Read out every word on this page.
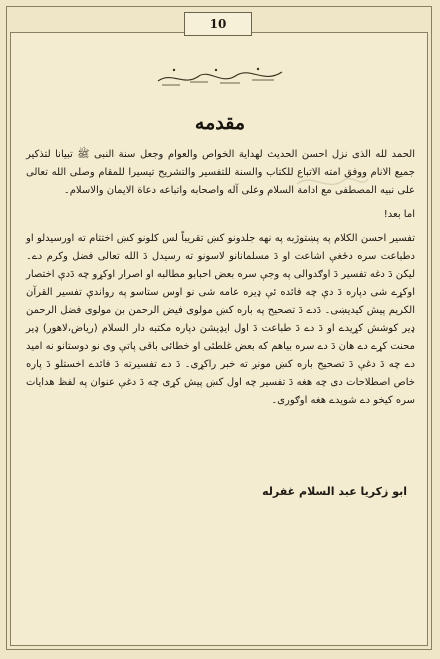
10
مقدمه

الحمد لله الذی نزل احسن الحدیث لھدایة الخواص والعوام وجعل سنة النبی ﷺ تبیانا لتذکیر جمیع الانام ووفق امته الاتباع للکتاب والسنة للتفسیر والتشریح تیسیرا للمقام وصلی الله تعالی علی نبیه المصطفی مع ادامة السلام وعلی آله واصحابه واتباعه دعاة الایمان والاسلام۔

اما بعد!

تفسیر احسن الکلام په پښتوژبه په نهه جلدونو کښ تقریباً لس کلونو کښ اختتام ته اورسیدلو او دطباعت سره دځغې اشاعت او دَ مسلمانانو لاسونو ته رسیدل دَ الله تعالی فضل وکرم دے۔ لیکن دَ دغه تفسیر دَ اوګدوالی په وجې سره بعض احبابو مطالبه او اصرار اوکړو چه دَدې اختصار اوکړے شی دپاره دَ دې چه فائده ئې ډیره عامه شی نو اوس ستاسو په رواندې تفسیر القرآن الکریم پیش کیدیښی۔ دَدے دَ تصحیح په باره کښ مولوی فیض الرحمن بن مولوی فضل الرحمن ډیر کوشش کړیدے او دَ دے دَ طباعت دَ اول ایډیشن دپاره مکتبه دار السلام (ریاض،لاهور) ډیر محنت کړے دے هان دَ دے سره بیاهم که بعض غلطئی او خطائی باقی پاتې وی نو دوستانو نه امید دے چه دَ دغې دَ تصحیح باره کښ مونږ ته خبر راکړی۔ دَ دے تفسیرته دَ فائدے اخستلو دَ پاره خاص اصطلاحات دی چه هغه دَ تفسیر چه اول کښ پیش کړی چه دَ دغې عنوان په لفظ هدایات سره کیخو دے شویدے هغه اوګوری۔

ابو زکریا عبد السلام غفرله
